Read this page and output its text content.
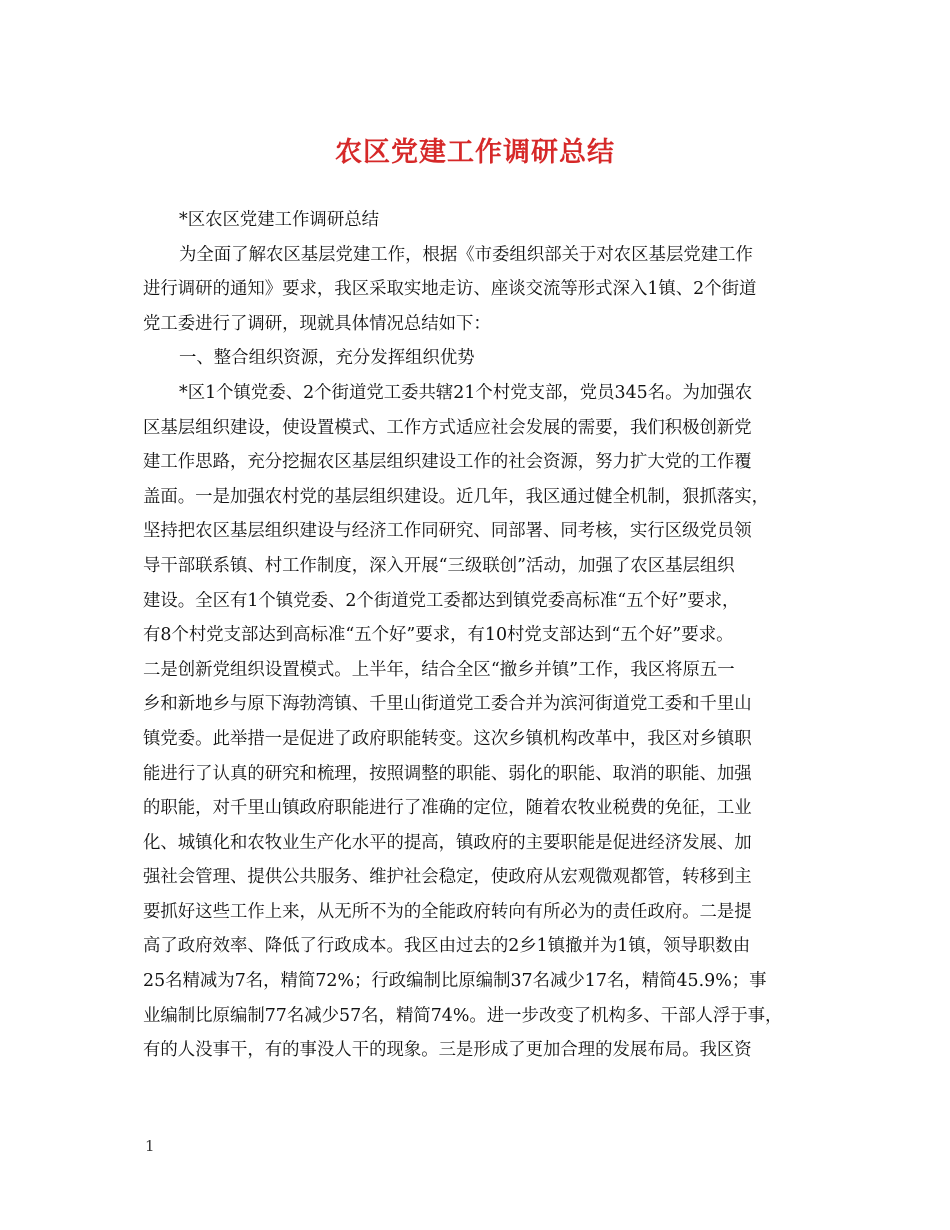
农区党建工作调研总结
*区农区党建工作调研总结
为全面了解农区基层党建工作，根据《市委组织部关于对农区基层党建工作
进行调研的通知》要求，我区采取实地走访、座谈交流等形式深入1镇、2个街道
党工委进行了调研，现就具体情况总结如下：
一、整合组织资源，充分发挥组织优势
*区1个镇党委、2个街道党工委共辖21个村党支部，党员345名。为加强农
区基层组织建设，使设置模式、工作方式适应社会发展的需要，我们积极创新党
建工作思路，充分挖掘农区基层组织建设工作的社会资源，努力扩大党的工作覆
盖面。一是加强农村党的基层组织建设。近几年，我区通过健全机制，狠抓落实，
坚持把农区基层组织建设与经济工作同研究、同部署、同考核，实行区级党员领
导干部联系镇、村工作制度，深入开展“三级联创”活动，加强了农区基层组织
建设。全区有1个镇党委、2个街道党工委都达到镇党委高标准“五个好”要求，
有8个村党支部达到高标准“五个好”要求，有10村党支部达到“五个好”要求。
二是创新党组织设置模式。上半年，结合全区“撤乡并镇”工作，我区将原五一
乡和新地乡与原下海勃湾镇、千里山街道党工委合并为滨河街道党工委和千里山
镇党委。此举措一是促进了政府职能转变。这次乡镇机构改革中，我区对乡镇职
能进行了认真的研究和梳理，按照调整的职能、弱化的职能、取消的职能、加强
的职能，对千里山镇政府职能进行了准确的定位，随着农牧业税费的免征，工业
化、城镇化和农牧业生产化水平的提高，镇政府的主要职能是促进经济发展、加
强社会管理、提供公共服务、维护社会稳定，使政府从宏观微观都管，转移到主
要抓好这些工作上来，从无所不为的全能政府转向有所必为的责任政府。二是提
高了政府效率、降低了行政成本。我区由过去的2乡1镇撤并为1镇，领导职数由
25名精减为7名，精简72%；行政编制比原编制37名减少17名，精简45.9%；事
业编制比原编制77名减少57名，精简74%。进一步改变了机构多、干部人浮于事，
有的人没事干，有的事没人干的现象。三是形成了更加合理的发展布局。我区资
1
